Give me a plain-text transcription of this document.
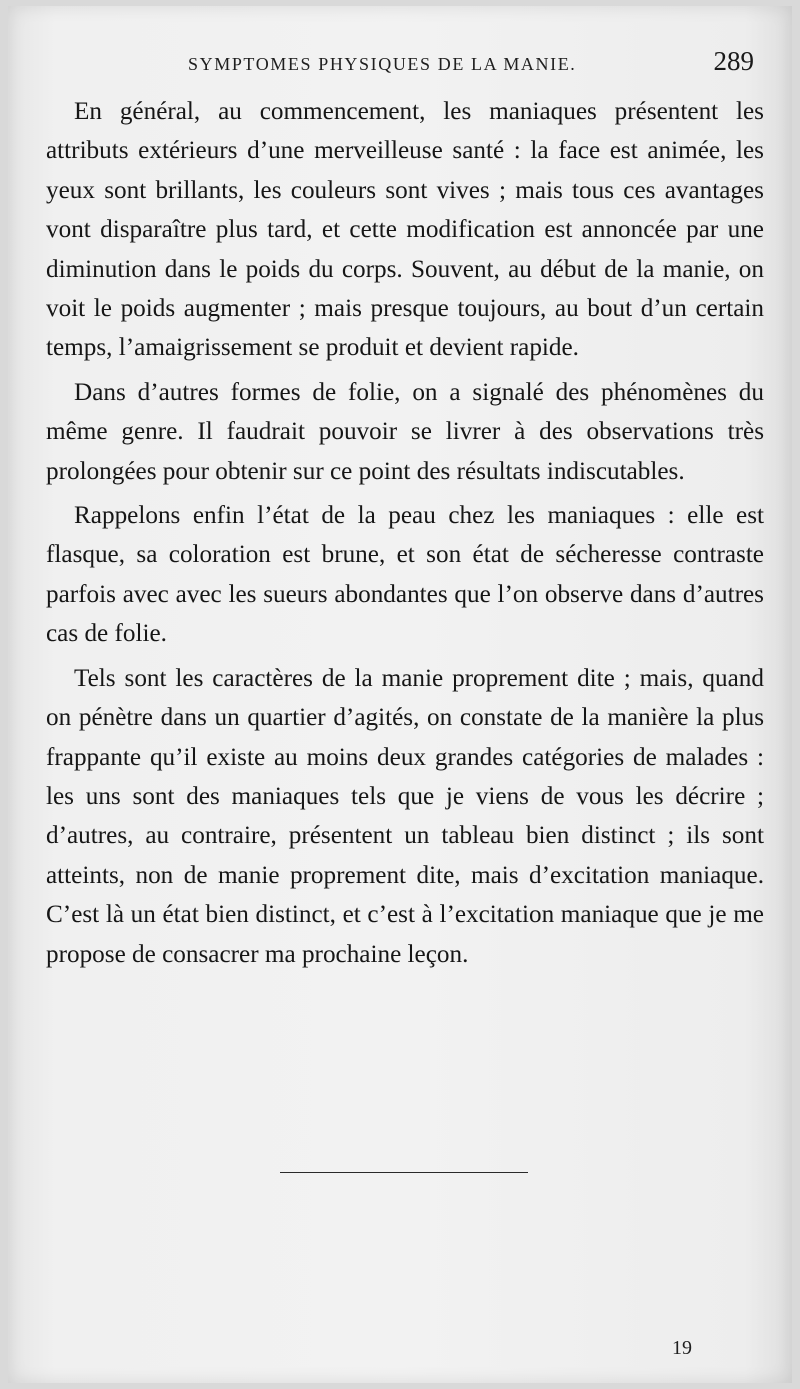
SYMPTOMES PHYSIQUES DE LA MANIE.	289

En général, au commencement, les maniaques présentent les attributs extérieurs d’une merveilleuse santé : la face est animée, les yeux sont brillants, les couleurs sont vives ; mais tous ces avantages vont disparaître plus tard, et cette modification est annoncée par une diminution dans le poids du corps. Souvent, au début de la manie, on voit le poids augmenter ; mais presque toujours, au bout d’un certain temps, l’amaigrissement se produit et devient rapide.

Dans d’autres formes de folie, on a signalé des phénomènes du même genre. Il faudrait pouvoir se livrer à des observations très prolongées pour obtenir sur ce point des résultats indiscutables.

Rappelons enfin l’état de la peau chez les maniaques : elle est flasque, sa coloration est brune, et son état de sécheresse contraste parfois avec avec les sueurs abondantes que l’on observe dans d’autres cas de folie.

Tels sont les caractères de la manie proprement dite ; mais, quand on pénètre dans un quartier d’agités, on constate de la manière la plus frappante qu’il existe au moins deux grandes catégories de malades : les uns sont des maniaques tels que je viens de vous les décrire ; d’autres, au contraire, présentent un tableau bien distinct ; ils sont atteints, non de manie proprement dite, mais d’excitation maniaque. C’est là un état bien distinct, et c’est à l’excitation maniaque que je me propose de consacrer ma prochaine leçon.

19
